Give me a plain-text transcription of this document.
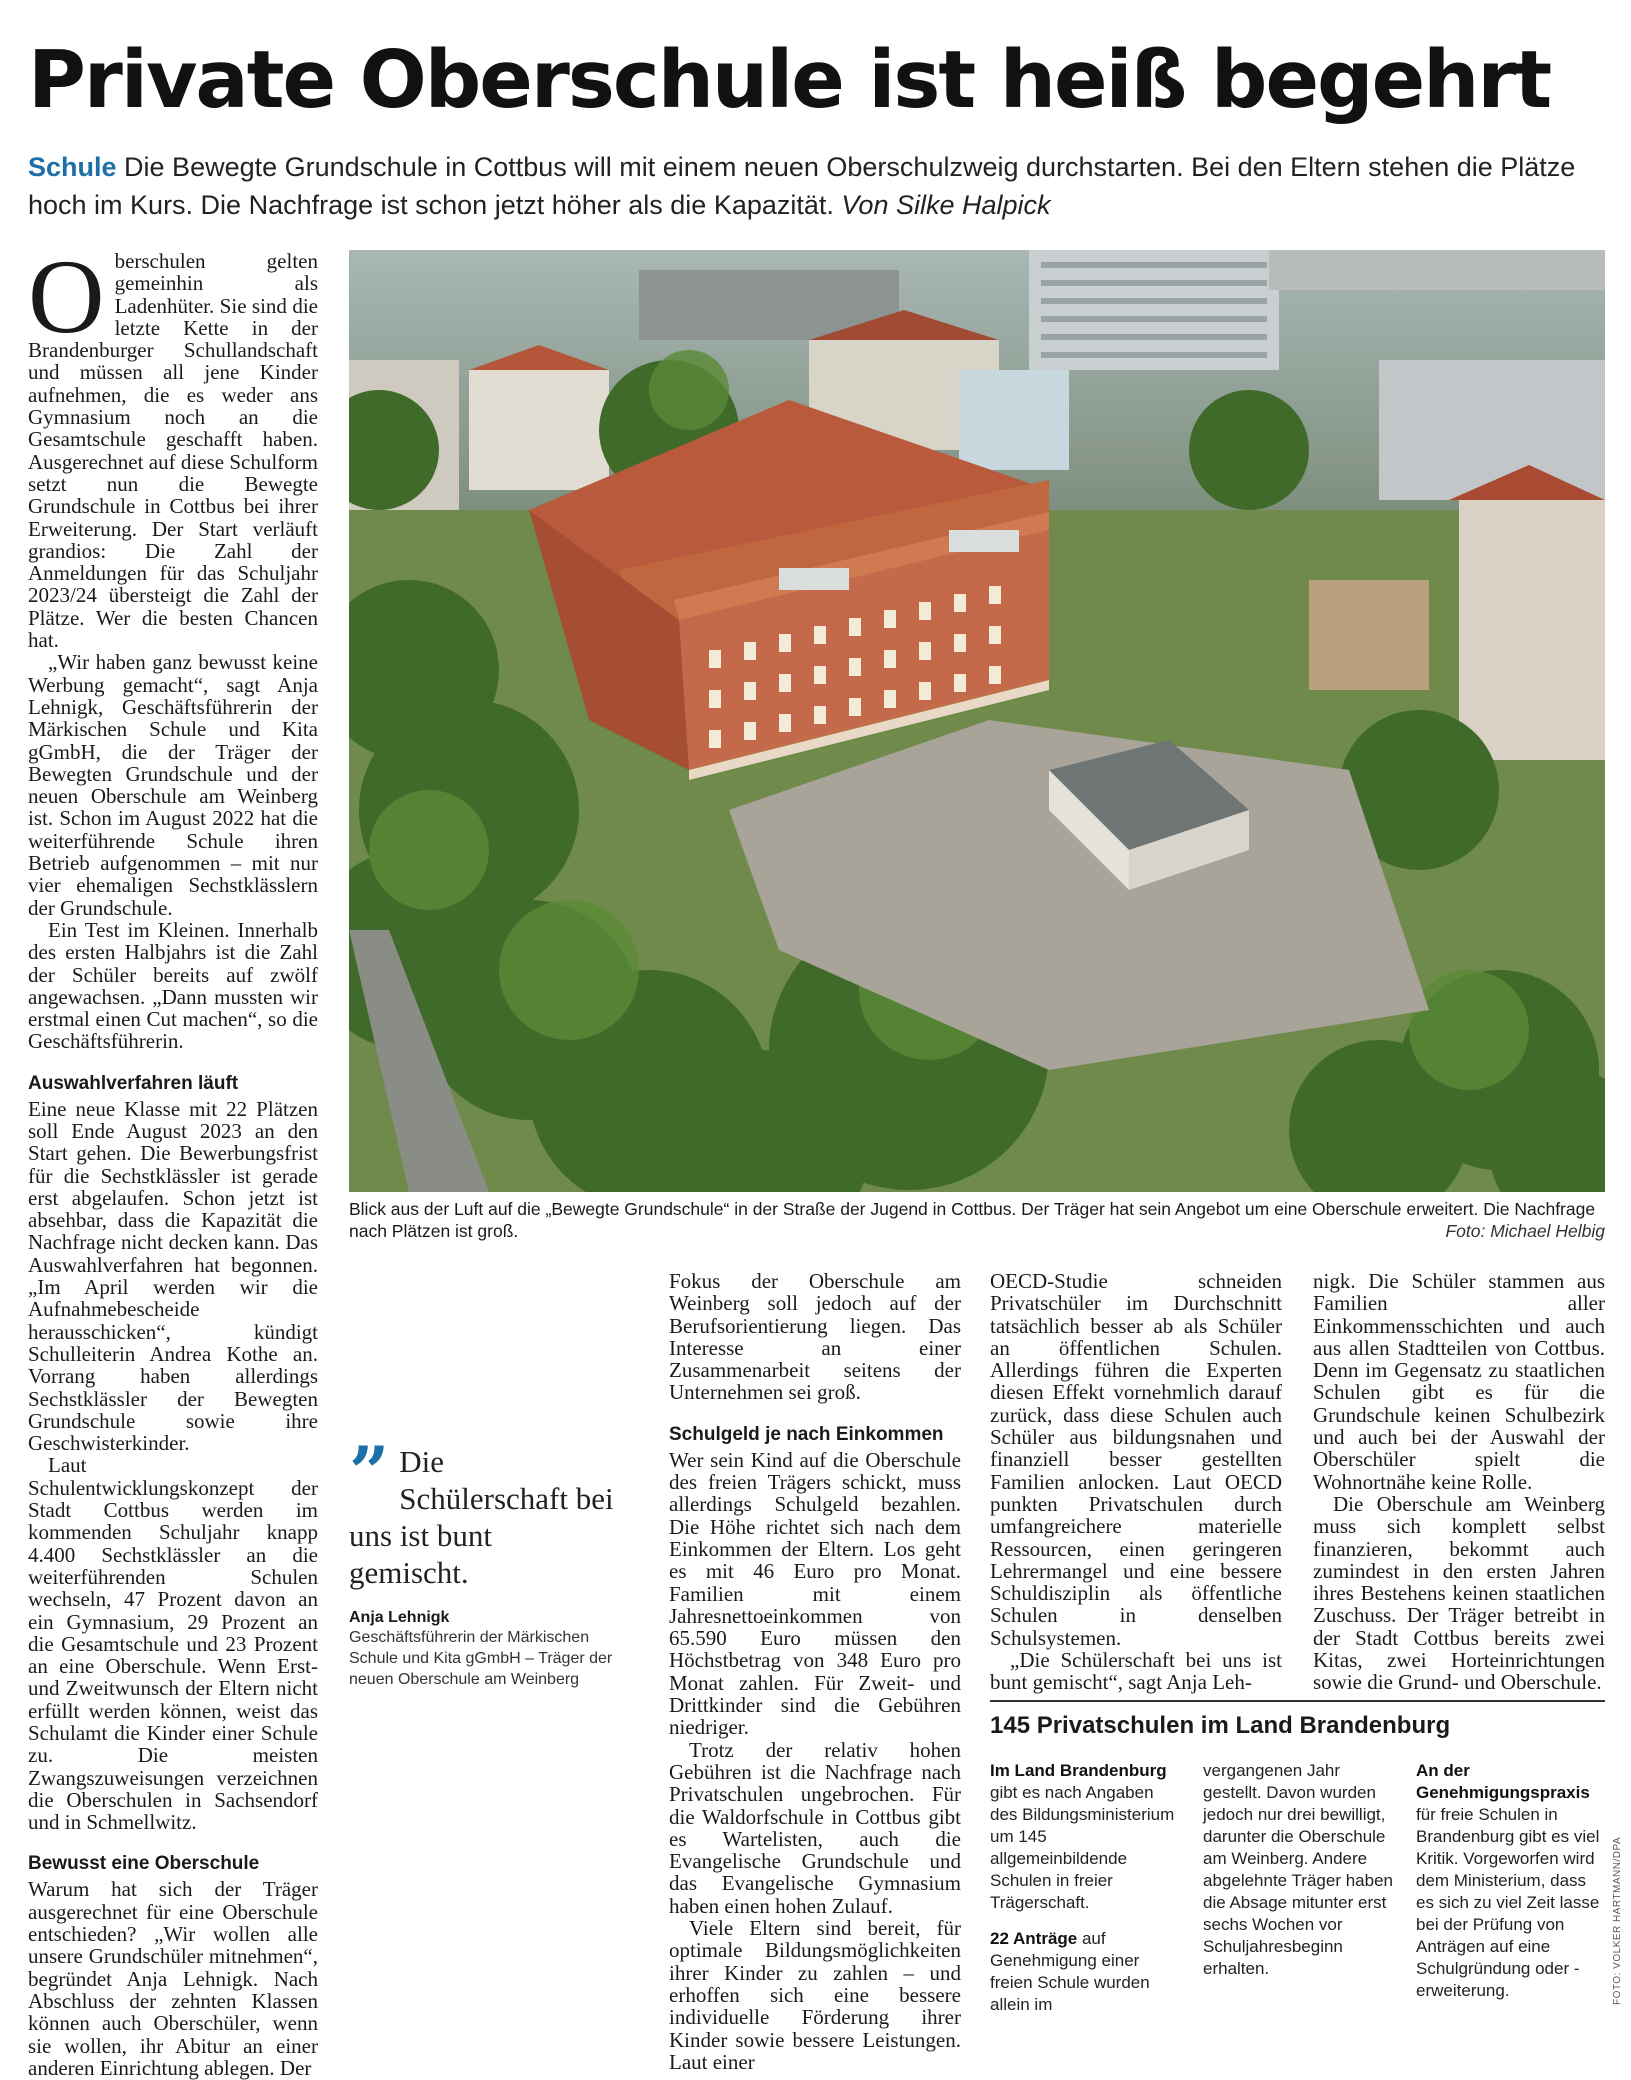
Private Oberschule ist heiß begehrt
Schule Die Bewegte Grundschule in Cottbus will mit einem neuen Oberschulzweig durchstarten. Bei den Eltern stehen die Plätze hoch im Kurs. Die Nachfrage ist schon jetzt höher als die Kapazität. Von Silke Halpick

Oberschulen gelten gemeinhin als Ladenhüter. Sie sind die letzte Kette in der Brandenburger Schullandschaft und müssen all jene Kinder aufnehmen, die es weder ans Gymnasium noch an die Gesamtschule geschafft haben. Ausgerechnet auf diese Schulform setzt nun die Bewegte Grundschule in Cottbus bei ihrer Erweiterung. Der Start verläuft grandios: Die Zahl der Anmeldungen für das Schuljahr 2023/24 übersteigt die Zahl der Plätze. Wer die besten Chancen hat.

„Wir haben ganz bewusst keine Werbung gemacht“, sagt Anja Lehnigk, Geschäftsführerin der Märkischen Schule und Kita gGmbH, die der Träger der Bewegten Grundschule und der neuen Oberschule am Weinberg ist. Schon im August 2022 hat die weiterführende Schule ihren Betrieb aufgenommen – mit nur vier ehemaligen Sechstklässlern der Grundschule.

Ein Test im Kleinen. Innerhalb des ersten Halbjahrs ist die Zahl der Schüler bereits auf zwölf angewachsen. „Dann mussten wir erstmal einen Cut machen“, so die Geschäftsführerin.

Auswahlverfahren läuft

Eine neue Klasse mit 22 Plätzen soll Ende August 2023 an den Start gehen. Die Bewerbungsfrist für die Sechstklässler ist gerade erst abgelaufen. Schon jetzt ist absehbar, dass die Kapazität die Nachfrage nicht decken kann. Das Auswahlverfahren hat begonnen. „Im April werden wir die Aufnahmebescheide herausschicken“, kündigt Schulleiterin Andrea Kothe an. Vorrang haben allerdings Sechstklässler der Bewegten Grundschule sowie ihre Geschwisterkinder.

Laut Schulentwicklungskonzept der Stadt Cottbus werden im kommenden Schuljahr knapp 4.400 Sechstklässler an die weiterführenden Schulen wechseln, 47 Prozent davon an ein Gymnasium, 29 Prozent an die Gesamtschule und 23 Prozent an eine Oberschule. Wenn Erst- und Zweitwunsch der Eltern nicht erfüllt werden können, weist das Schulamt die Kinder einer Schule zu. Die meisten Zwangszuweisungen verzeichnen die Oberschulen in Sachsendorf und in Schmellwitz.

Bewusst eine Oberschule

Warum hat sich der Träger ausgerechnet für eine Oberschule entschieden? „Wir wollen alle unsere Grundschüler mitnehmen“, begründet Anja Lehnigk. Nach Abschluss der zehnten Klassen können auch Oberschüler, wenn sie wollen, ihr Abitur an einer anderen Einrichtung ablegen. Der

Blick aus der Luft auf die „Bewegte Grundschule“ in der Straße der Jugend in Cottbus. Der Träger hat sein Angebot um eine Oberschule erweitert. Die Nachfrage nach Plätzen ist groß.	Foto: Michael Helbig
” Die Schülerschaft bei uns ist bunt gemischt.
Anja Lehnigk
Geschäftsführerin der Märkischen Schule und Kita gGmbH – Träger der neuen Oberschule am Weinberg

Fokus der Oberschule am Weinberg soll jedoch auf der Berufsorientierung liegen. Das Interesse an einer Zusammenarbeit seitens der Unternehmen sei groß.

Schulgeld je nach Einkommen

Wer sein Kind auf die Oberschule des freien Trägers schickt, muss allerdings Schulgeld bezahlen. Die Höhe richtet sich nach dem Einkommen der Eltern. Los geht es mit 46 Euro pro Monat. Familien mit einem Jahresnettoeinkommen von 65.590 Euro müssen den Höchstbetrag von 348 Euro pro Monat zahlen. Für Zweit- und Drittkinder sind die Gebühren niedriger.

Trotz der relativ hohen Gebühren ist die Nachfrage nach Privatschulen ungebrochen. Für die Waldorfschule in Cottbus gibt es Wartelisten, auch die Evangelische Grundschule und das Evangelische Gymnasium haben einen hohen Zulauf.

Viele Eltern sind bereit, für optimale Bildungsmöglichkeiten ihrer Kinder zu zahlen – und erhoffen sich eine bessere individuelle Förderung ihrer Kinder sowie bessere Leistungen. Laut einer

OECD-Studie schneiden Privatschüler im Durchschnitt tatsächlich besser ab als Schüler an öffentlichen Schulen. Allerdings führen die Experten diesen Effekt vornehmlich darauf zurück, dass diese Schulen auch Schüler aus bildungsnahen und finanziell besser gestellten Familien anlocken. Laut OECD punkten Privatschulen durch umfangreichere materielle Ressourcen, einen geringeren Lehrermangel und eine bessere Schuldisziplin als öffentliche Schulen in denselben Schulsystemen.

„Die Schülerschaft bei uns ist bunt gemischt“, sagt Anja Leh-

nigk. Die Schüler stammen aus Familien aller Einkommensschichten und auch aus allen Stadtteilen von Cottbus. Denn im Gegensatz zu staatlichen Schulen gibt es für die Grundschule keinen Schulbezirk und auch bei der Auswahl der Oberschüler spielt die Wohnortnähe keine Rolle.

Die Oberschule am Weinberg muss sich komplett selbst finanzieren, bekommt auch zumindest in den ersten Jahren ihres Bestehens keinen staatlichen Zuschuss. Der Träger betreibt in der Stadt Cottbus bereits zwei Kitas, zwei Horteinrichtungen sowie die Grund- und Oberschule.

145 Privatschulen im Land Brandenburg
Im Land Brandenburg gibt es nach Angaben des Bildungsministerium um 145 allgemeinbildende Schulen in freier Trägerschaft.
22 Anträge auf Genehmigung einer freien Schule wurden allein im
vergangenen Jahr gestellt. Davon wurden jedoch nur drei bewilligt, darunter die Oberschule am Weinberg. Andere abgelehnte Träger haben die Absage mitunter erst sechs Wochen vor Schuljahresbeginn erhalten.
An der Genehmigungspraxis für freie Schulen in Brandenburg gibt es viel Kritik. Vorgeworfen wird dem Ministerium, dass es sich zu viel Zeit lasse bei der Prüfung von Anträgen auf eine Schulgründung oder -erweiterung.	FOTO: VOLKER HARTMANN/DPA
